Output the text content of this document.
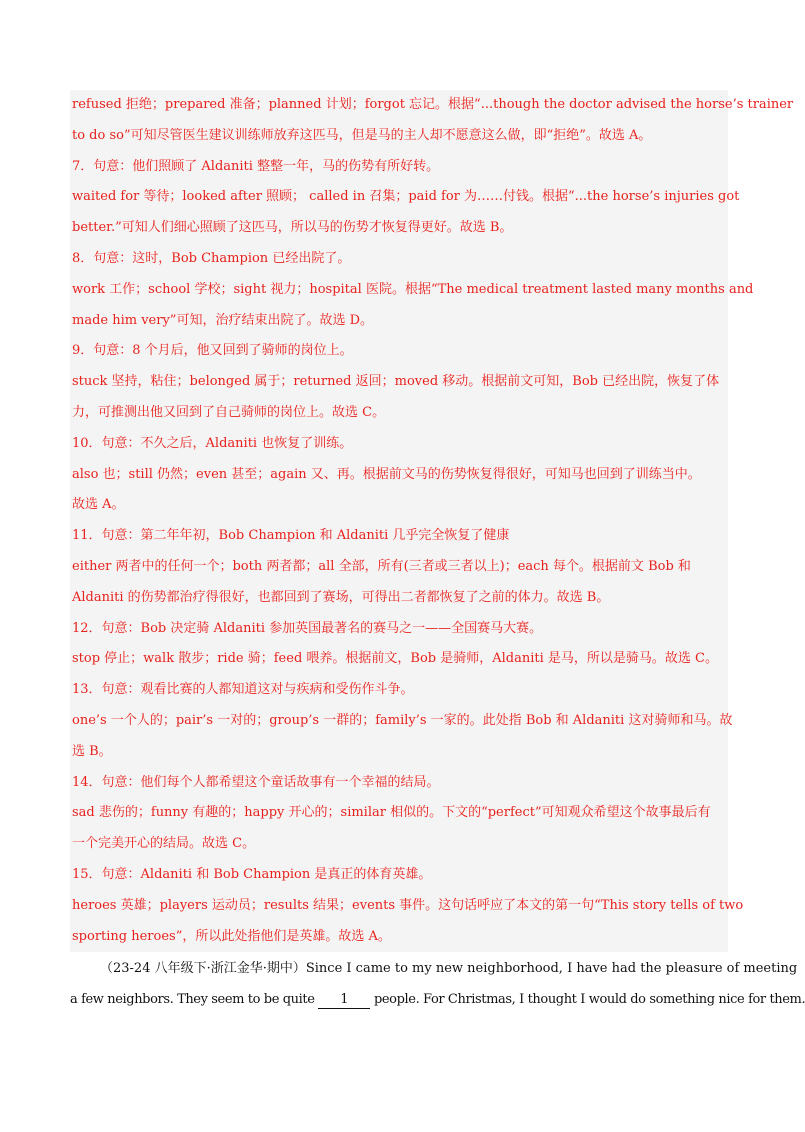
refused 拒绝；prepared 准备；planned 计划；forgot 忘记。根据“...though the doctor advised the horse’s trainer
to do so”可知尽管医生建议训练师放弃这匹马，但是马的主人却不愿意这么做，即“拒绝”。故选 A。
7．句意：他们照顾了 Aldaniti 整整一年，马的伤势有所好转。
waited for 等待；looked after 照顾； called in 召集；paid for 为……付钱。根据“...the horse’s injuries got
better.”可知人们细心照顾了这匹马，所以马的伤势才恢复得更好。故选 B。
8．句意：这时，Bob Champion 已经出院了。
work 工作；school 学校；sight 视力；hospital 医院。根据“The medical treatment lasted many months and
made him very”可知，治疗结束出院了。故选 D。
9．句意：8 个月后，他又回到了骑师的岗位上。
stuck 坚持，粘住；belonged 属于；returned 返回；moved 移动。根据前文可知，Bob 已经出院，恢复了体
力，可推测出他又回到了自己骑师的岗位上。故选 C。
10．句意：不久之后，Aldaniti 也恢复了训练。
also 也；still 仍然；even 甚至；again 又、再。根据前文马的伤势恢复得很好，可知马也回到了训练当中。
故选 A。
11．句意：第二年年初，Bob Champion 和 Aldaniti 几乎完全恢复了健康
either 两者中的任何一个；both 两者都；all 全部，所有(三者或三者以上)；each 每个。根据前文 Bob 和
Aldaniti 的伤势都治疗得很好，也都回到了赛场，可得出二者都恢复了之前的体力。故选 B。
12．句意：Bob 决定骑 Aldaniti 参加英国最著名的赛马之一——全国赛马大赛。
stop 停止；walk 散步；ride 骑；feed 喂养。根据前文，Bob 是骑师，Aldaniti 是马，所以是骑马。故选 C。
13．句意：观看比赛的人都知道这对与疾病和受伤作斗争。
one’s 一个人的；pair’s 一对的；group’s 一群的；family’s 一家的。此处指 Bob 和 Aldaniti 这对骑师和马。故
选 B。
14．句意：他们每个人都希望这个童话故事有一个幸福的结局。
sad 悲伤的；funny 有趣的；happy 开心的；similar 相似的。下文的“perfect”可知观众希望这个故事最后有
一个完美开心的结局。故选 C。
15．句意：Aldaniti 和 Bob Champion 是真正的体育英雄。
heroes 英雄；players 运动员；results 结果；events 事件。这句话呼应了本文的第一句“This story tells of two
sporting heroes”，所以此处指他们是英雄。故选 A。
（23-24 八年级下·浙江金华·期中）Since I came to my new neighborhood, I have had the pleasure of meeting
a few neighbors. They seem to be quite 1 people. For Christmas, I thought I would do something nice for them.
